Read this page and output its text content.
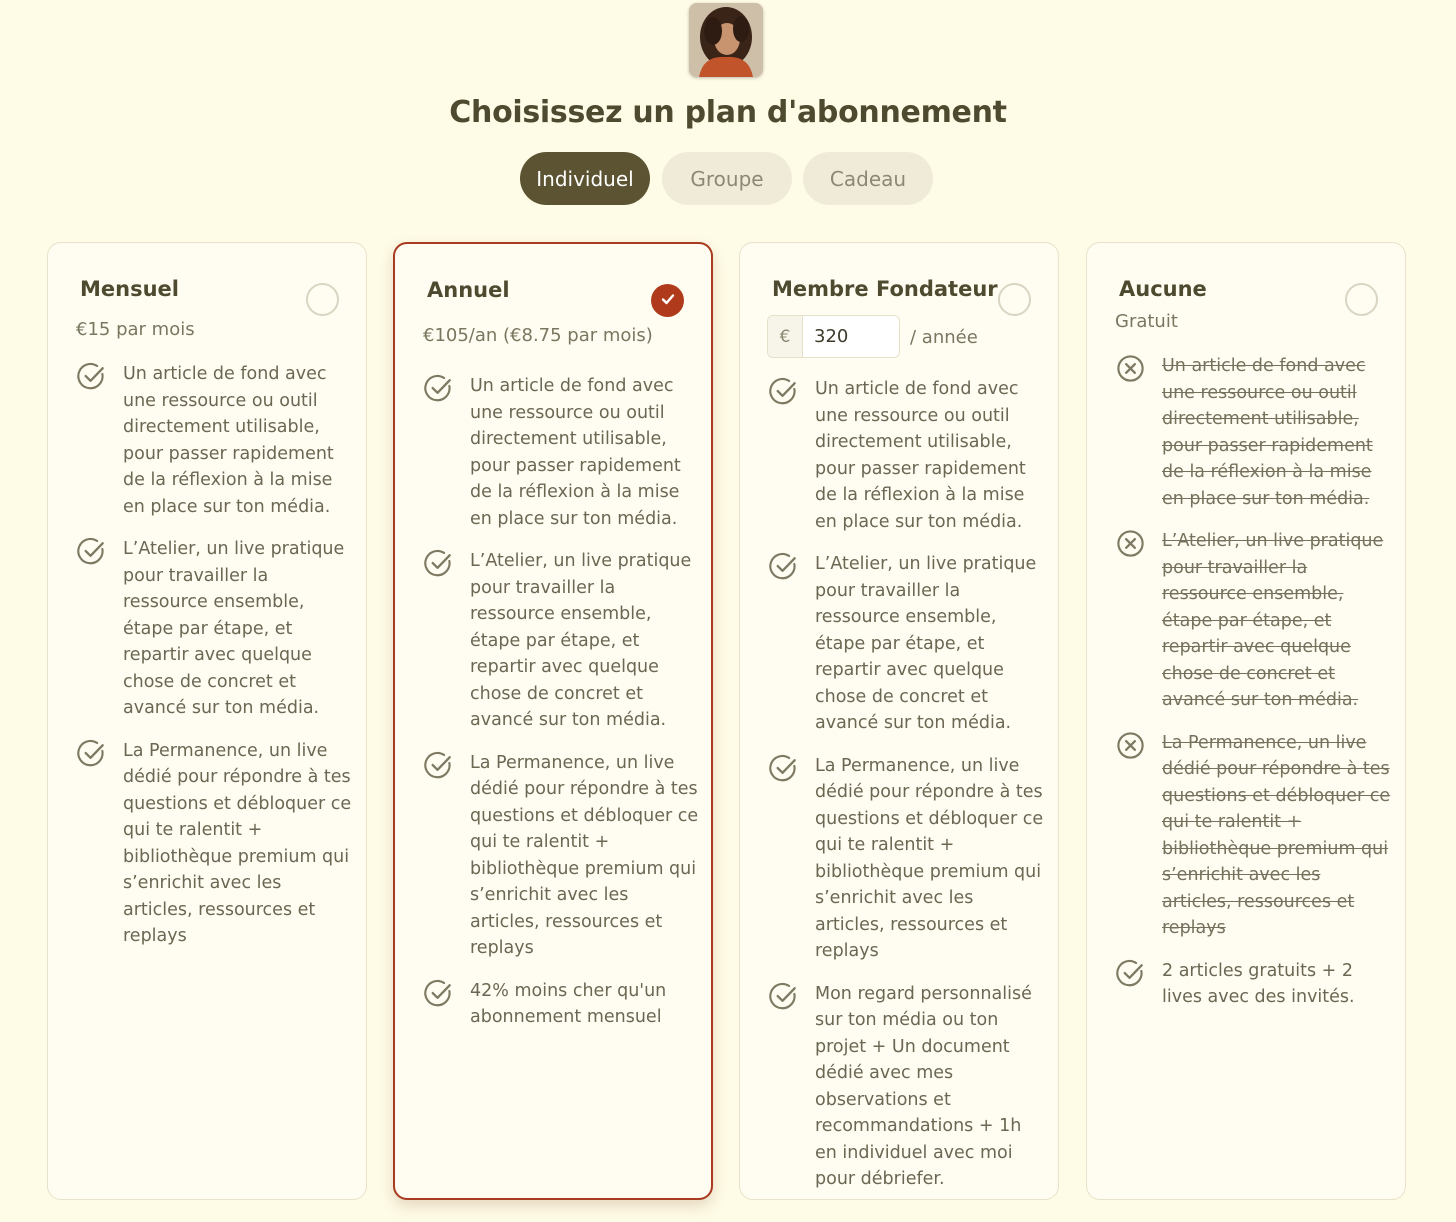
Choisissez un plan d'abonnement
Individuel	Groupe	Cadeau
Mensuel
€15 par mois
Un article de fond avec une ressource ou outil directement utilisable, pour passer rapidement de la réflexion à la mise en place sur ton média.
L’Atelier, un live pratique pour travailler la ressource ensemble, étape par étape, et repartir avec quelque chose de concret et avancé sur ton média.
La Permanence, un live dédié pour répondre à tes questions et débloquer ce qui te ralentit + bibliothèque premium qui s’enrichit avec les articles, ressources et replays
Annuel
€105/an (€8.75 par mois)
Un article de fond avec une ressource ou outil directement utilisable, pour passer rapidement de la réflexion à la mise en place sur ton média.
L’Atelier, un live pratique pour travailler la ressource ensemble, étape par étape, et repartir avec quelque chose de concret et avancé sur ton média.
La Permanence, un live dédié pour répondre à tes questions et débloquer ce qui te ralentit + bibliothèque premium qui s’enrichit avec les articles, ressources et replays
42% moins cher qu'un abonnement mensuel
Membre Fondateur
€
320	/ année
Un article de fond avec une ressource ou outil directement utilisable, pour passer rapidement de la réflexion à la mise en place sur ton média.
L’Atelier, un live pratique pour travailler la ressource ensemble, étape par étape, et repartir avec quelque chose de concret et avancé sur ton média.
La Permanence, un live dédié pour répondre à tes questions et débloquer ce qui te ralentit + bibliothèque premium qui s’enrichit avec les articles, ressources et replays
Mon regard personnalisé sur ton média ou ton projet + Un document dédié avec mes observations et recommandations + 1h en individuel avec moi pour débriefer.
Aucune
Gratuit
Un article de fond avec une ressource ou outil directement utilisable, pour passer rapidement de la réflexion à la mise en place sur ton média.
L’Atelier, un live pratique pour travailler la ressource ensemble, étape par étape, et repartir avec quelque chose de concret et avancé sur ton média.
La Permanence, un live dédié pour répondre à tes questions et débloquer ce qui te ralentit + bibliothèque premium qui s’enrichit avec les articles, ressources et replays
2 articles gratuits + 2 lives avec des invités.
